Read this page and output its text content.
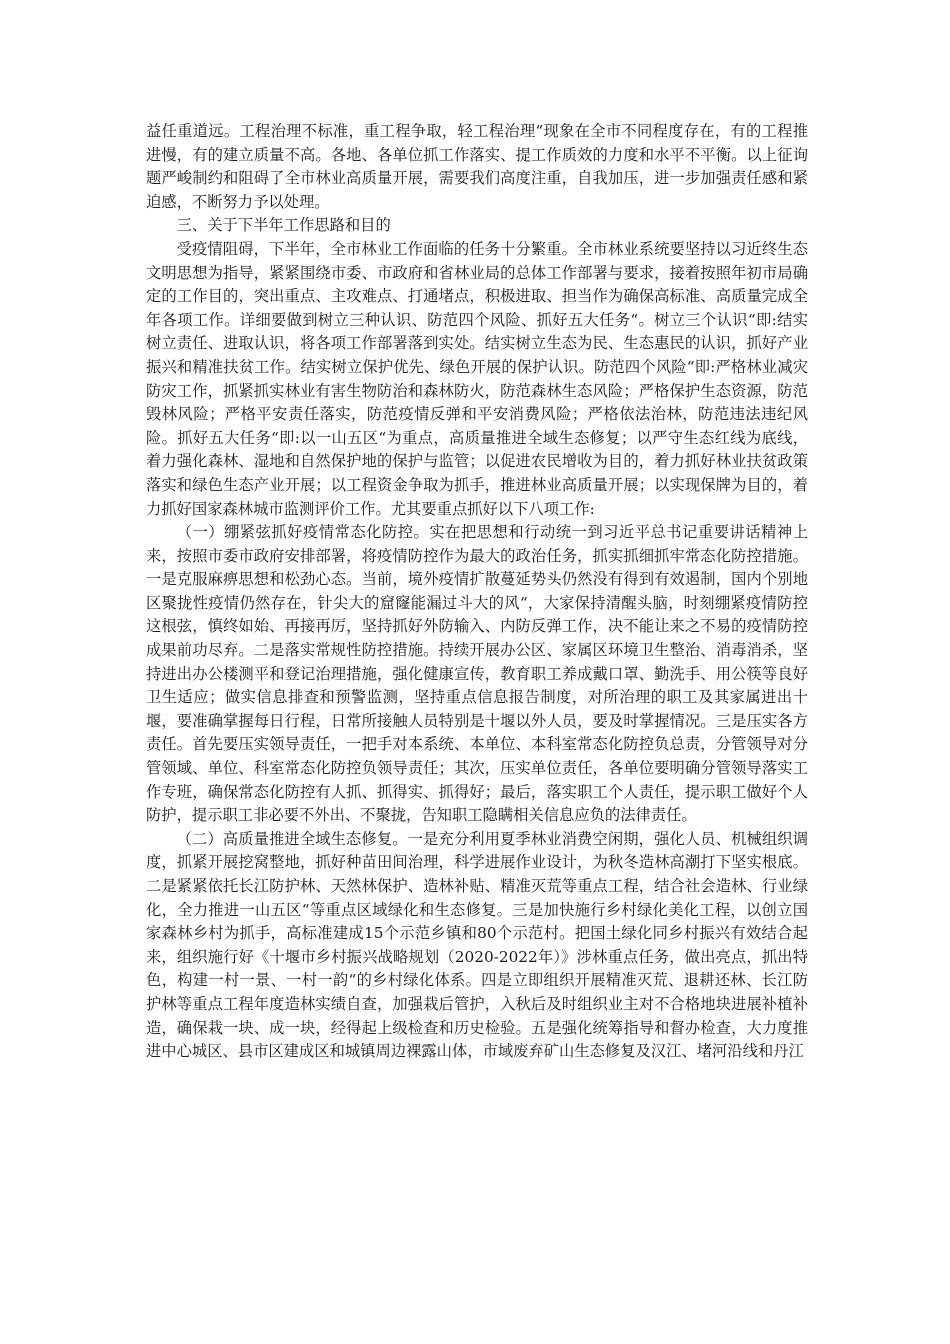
益任重道远。工程治理不标准，重工程争取，轻工程治理“现象在全市不同程度存在，有的工程推进慢，有的建立质量不高。各地、各单位抓工作落实、提工作质效的力度和水平不平衡。以上征询题严峻制约和阻碍了全市林业高质量开展，需要我们高度注重，自我加压，进一步加强责任感和紧迫感，不断努力予以处理。

三、关于下半年工作思路和目的

受疫情阻碍，下半年，全市林业工作面临的任务十分繁重。全市林业系统要坚持以习近终生态文明思想为指导，紧紧围绕市委、市政府和省林业局的总体工作部署与要求，接着按照年初市局确定的工作目的，突出重点、主攻难点、打通堵点，积极进取、担当作为确保高标准、高质量完成全年各项工作。详细要做到树立三种认识、防范四个风险、抓好五大任务“。树立三个认识“即:结实树立责任、进取认识，将各项工作部署落到实处。结实树立生态为民、生态惠民的认识，抓好产业振兴和精准扶贫工作。结实树立保护优先、绿色开展的保护认识。防范四个风险“即:严格林业减灾防灾工作，抓紧抓实林业有害生物防治和森林防火，防范森林生态风险；严格保护生态资源，防范毁林风险；严格平安责任落实，防范疫情反弹和平安消费风险；严格依法治林，防范违法违纪风险。抓好五大任务“即:以一山五区“为重点，高质量推进全域生态修复；以严守生态红线为底线，着力强化森林、湿地和自然保护地的保护与监管；以促进农民增收为目的，着力抓好林业扶贫政策落实和绿色生态产业开展；以工程资金争取为抓手，推进林业高质量开展；以实现保牌为目的，着力抓好国家森林城市监测评价工作。尤其要重点抓好以下八项工作:

（一）绷紧弦抓好疫情常态化防控。实在把思想和行动统一到习近平总书记重要讲话精神上来，按照市委市政府安排部署，将疫情防控作为最大的政治任务，抓实抓细抓牢常态化防控措施。一是克服麻痹思想和松劲心态。当前，境外疫情扩散蔓延势头仍然没有得到有效遏制，国内个别地区聚拢性疫情仍然存在，针尖大的窟窿能漏过斗大的风“，大家保持清醒头脑，时刻绷紧疫情防控这根弦，慎终如始、再接再厉，坚持抓好外防输入、内防反弹工作，决不能让来之不易的疫情防控成果前功尽弃。二是落实常规性防控措施。持续开展办公区、家属区环境卫生整治、消毒消杀，坚持进出办公楼测平和登记治理措施，强化健康宣传，教育职工养成戴口罩、勤洗手、用公筷等良好卫生适应；做实信息排查和预警监测，坚持重点信息报告制度，对所治理的职工及其家属进出十堰，要准确掌握每日行程，日常所接触人员特别是十堰以外人员，要及时掌握情况。三是压实各方责任。首先要压实领导责任，一把手对本系统、本单位、本科室常态化防控负总责，分管领导对分管领域、单位、科室常态化防控负领导责任；其次，压实单位责任，各单位要明确分管领导落实工作专班，确保常态化防控有人抓、抓得实、抓得好；最后，落实职工个人责任，提示职工做好个人防护，提示职工非必要不外出、不聚拢，告知职工隐瞒相关信息应负的法律责任。

（二）高质量推进全域生态修复。一是充分利用夏季林业消费空闲期，强化人员、机械组织调度，抓紧开展挖窝整地，抓好种苗田间治理，科学进展作业设计，为秋冬造林高潮打下坚实根底。二是紧紧依托长江防护林、天然林保护、造林补贴、精准灭荒等重点工程，结合社会造林、行业绿化，全力推进一山五区“等重点区域绿化和生态修复。三是加快施行乡村绿化美化工程，以创立国家森林乡村为抓手，高标准建成15个示范乡镇和80个示范村。把国土绿化同乡村振兴有效结合起来，组织施行好《十堰市乡村振兴战略规划（2020-2022年）》涉林重点任务，做出亮点，抓出特色，构建一村一景、一村一韵“的乡村绿化体系。四是立即组织开展精准灭荒、退耕还林、长江防护林等重点工程年度造林实绩自查，加强栽后管护，入秋后及时组织业主对不合格地块进展补植补造，确保栽一块、成一块，经得起上级检查和历史检验。五是强化统筹指导和督办检查，大力度推进中心城区、县市区建成区和城镇周边裸露山体，市域废弃矿山生态修复及汉江、堵河沿线和丹江
